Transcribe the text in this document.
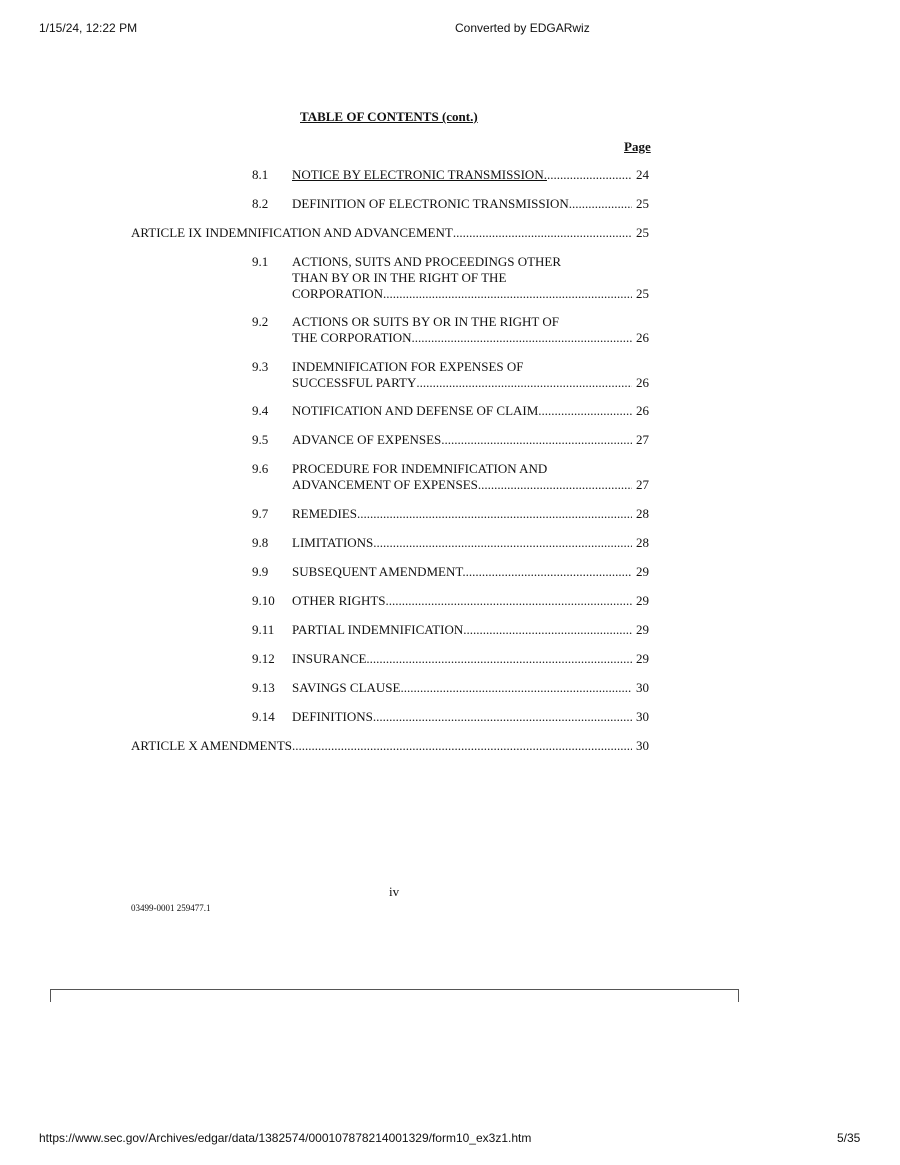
1/15/24, 12:22 PM	Converted by EDGARwiz
TABLE OF CONTENTS (cont.)
Page
8.1 NOTICE BY ELECTRONIC TRANSMISSION. .....	24
8.2 DEFINITION OF ELECTRONIC TRANSMISSION. .....	25
ARTICLE IX INDEMNIFICATION AND ADVANCEMENT .....	25
9.1 ACTIONS, SUITS AND PROCEEDINGS OTHER
THAN BY OR IN THE RIGHT OF THE
CORPORATION. .....	25
9.2 ACTIONS OR SUITS BY OR IN THE RIGHT OF
THE CORPORATION. .....	26
9.3 INDEMNIFICATION FOR EXPENSES OF
SUCCESSFUL PARTY .....	26
9.4 NOTIFICATION AND DEFENSE OF CLAIM. .....	26
9.5 ADVANCE OF EXPENSES. .....	27
9.6 PROCEDURE FOR INDEMNIFICATION AND
ADVANCEMENT OF EXPENSES. .....	27
9.7 REMEDIES. .....	28
9.8 LIMITATIONS. .....	28
9.9 SUBSEQUENT AMENDMENT. .....	29
9.10 OTHER RIGHTS. .....	29
9.11 PARTIAL INDEMNIFICATION. .....	29
9.12 INSURANCE. .....	29
9.13 SAVINGS CLAUSE. .....	30
9.14 DEFINITIONS. .....	30
ARTICLE X AMENDMENTS .....	30
iv
03499-0001 259477.1
https://www.sec.gov/Archives/edgar/data/1382574/000107878214001329/form10_ex3z1.htm	5/35
